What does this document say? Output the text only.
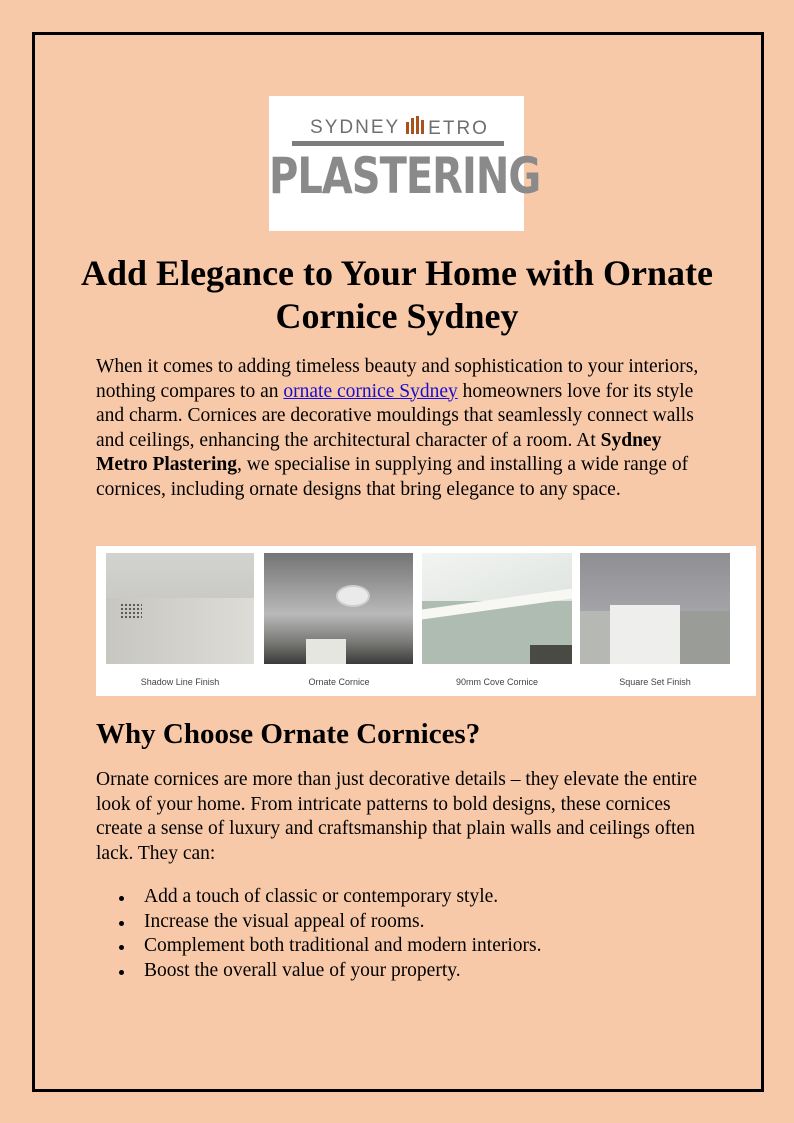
SYDNEY	ETRO
PLASTERING
Add Elegance to Your Home with Ornate Cornice Sydney

When it comes to adding timeless beauty and sophistication to your interiors, nothing compares to an ornate cornice Sydney homeowners love for its style and charm. Cornices are decorative mouldings that seamlessly connect walls and ceilings, enhancing the architectural character of a room. At Sydney Metro Plastering, we specialise in supplying and installing a wide range of cornices, including ornate designs that bring elegance to any space.

Shadow Line Finish	Ornate Cornice	90mm Cove Cornice	Square Set Finish
Why Choose Ornate Cornices?

Ornate cornices are more than just decorative details – they elevate the entire look of your home. From intricate patterns to bold designs, these cornices create a sense of luxury and craftsmanship that plain walls and ceilings often lack. They can:

Add a touch of classic or contemporary style.
Increase the visual appeal of rooms.
Complement both traditional and modern interiors.
Boost the overall value of your property.
